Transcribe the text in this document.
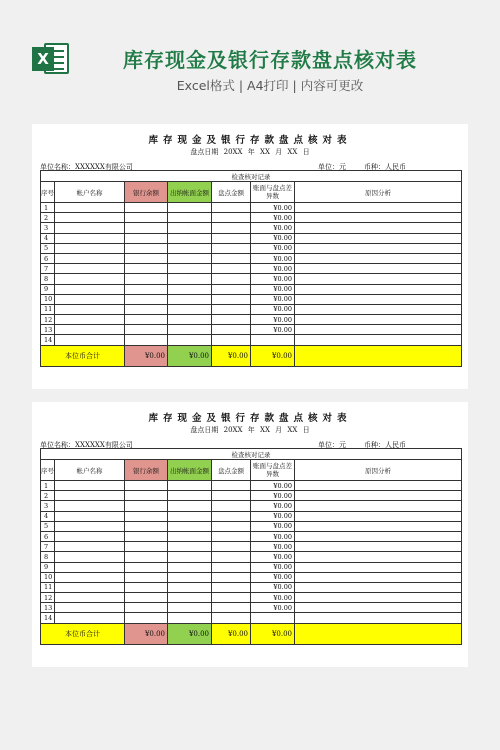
X	库存现金及银行存款盘点核对表
Excel格式 | A4打印 | 内容可更改
库存现金及银行存款盘点核对表
盘点日期 20XX 年 XX 月 XX 日
单位名称：XXXXXX有限公司	单位：元	币种：人民币
检查核对记录						
序号	帐户名称	银行余额	出纳帐面金额	盘点金额	账面与盘点差异数	原因分析
1					¥0.00	
2					¥0.00	
3					¥0.00	
4					¥0.00	
5					¥0.00	
6					¥0.00	
7					¥0.00	
8					¥0.00	
9					¥0.00	
10					¥0.00	
11					¥0.00	
12					¥0.00	
13					¥0.00	
14						
本位币合计		¥0.00	¥0.00	¥0.00	¥0.00	
库存现金及银行存款盘点核对表
盘点日期 20XX 年 XX 月 XX 日
单位名称：XXXXXX有限公司	单位：元	币种：人民币
检查核对记录						
序号	帐户名称	银行余额	出纳帐面金额	盘点金额	账面与盘点差异数	原因分析
1					¥0.00	
2					¥0.00	
3					¥0.00	
4					¥0.00	
5					¥0.00	
6					¥0.00	
7					¥0.00	
8					¥0.00	
9					¥0.00	
10					¥0.00	
11					¥0.00	
12					¥0.00	
13					¥0.00	
14						
本位币合计		¥0.00	¥0.00	¥0.00	¥0.00	
